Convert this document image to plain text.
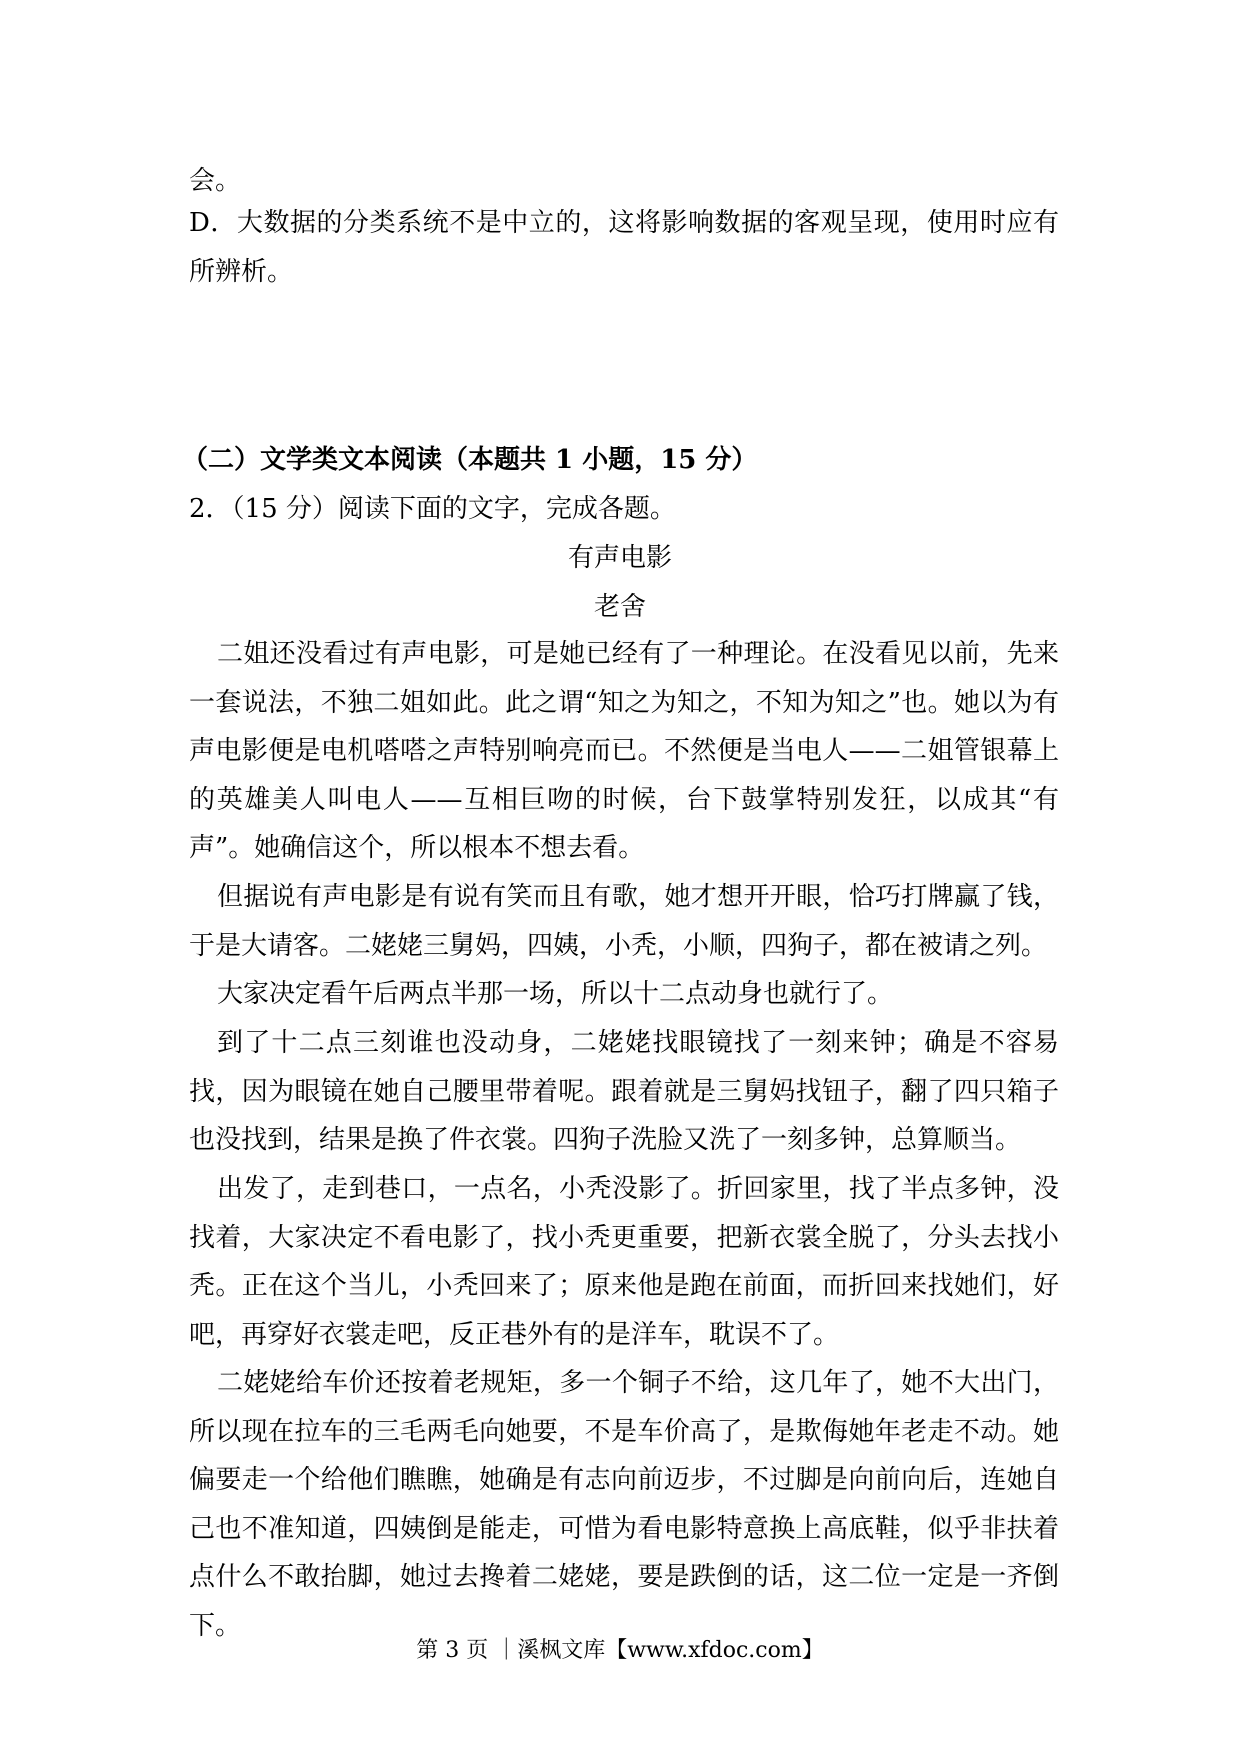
会。
D．大数据的分类系统不是中立的，这将影响数据的客观呈现，使用时应有所辨析。
（二）文学类文本阅读（本题共 1 小题，15 分）
2．（15 分）阅读下面的文字，完成各题。
有声电影
老舍
二姐还没看过有声电影，可是她已经有了一种理论。在没看见以前，先来一套说法，不独二姐如此。此之谓“知之为知之，不知为知之”也。她以为有声电影便是电机嗒嗒之声特别响亮而已。不然便是当电人——二姐管银幕上的英雄美人叫电人——互相巨吻的时候，台下鼓掌特别发狂，以成其“有声”。她确信这个，所以根本不想去看。
但据说有声电影是有说有笑而且有歌，她才想开开眼，恰巧打牌赢了钱，于是大请客。二姥姥三舅妈，四姨，小秃，小顺，四狗子，都在被请之列。
大家决定看午后两点半那一场，所以十二点动身也就行了。
到了十二点三刻谁也没动身，二姥姥找眼镜找了一刻来钟；确是不容易找，因为眼镜在她自己腰里带着呢。跟着就是三舅妈找钮子，翻了四只箱子也没找到，结果是换了件衣裳。四狗子洗脸又洗了一刻多钟，总算顺当。
出发了，走到巷口，一点名，小秃没影了。折回家里，找了半点多钟，没找着，大家决定不看电影了，找小秃更重要，把新衣裳全脱了，分头去找小秃。正在这个当儿，小秃回来了；原来他是跑在前面，而折回来找她们，好吧，再穿好衣裳走吧，反正巷外有的是洋车，耽误不了。
二姥姥给车价还按着老规矩，多一个铜子不给，这几年了，她不大出门，所以现在拉车的三毛两毛向她要，不是车价高了，是欺侮她年老走不动。她偏要走一个给他们瞧瞧，她确是有志向前迈步，不过脚是向前向后，连她自己也不准知道，四姨倒是能走，可惜为看电影特意换上高底鞋，似乎非扶着点什么不敢抬脚，她过去搀着二姥姥，要是跌倒的话，这二位一定是一齐倒下。
第 3 页 ｜溪枫文库【www.xfdoc.com】
